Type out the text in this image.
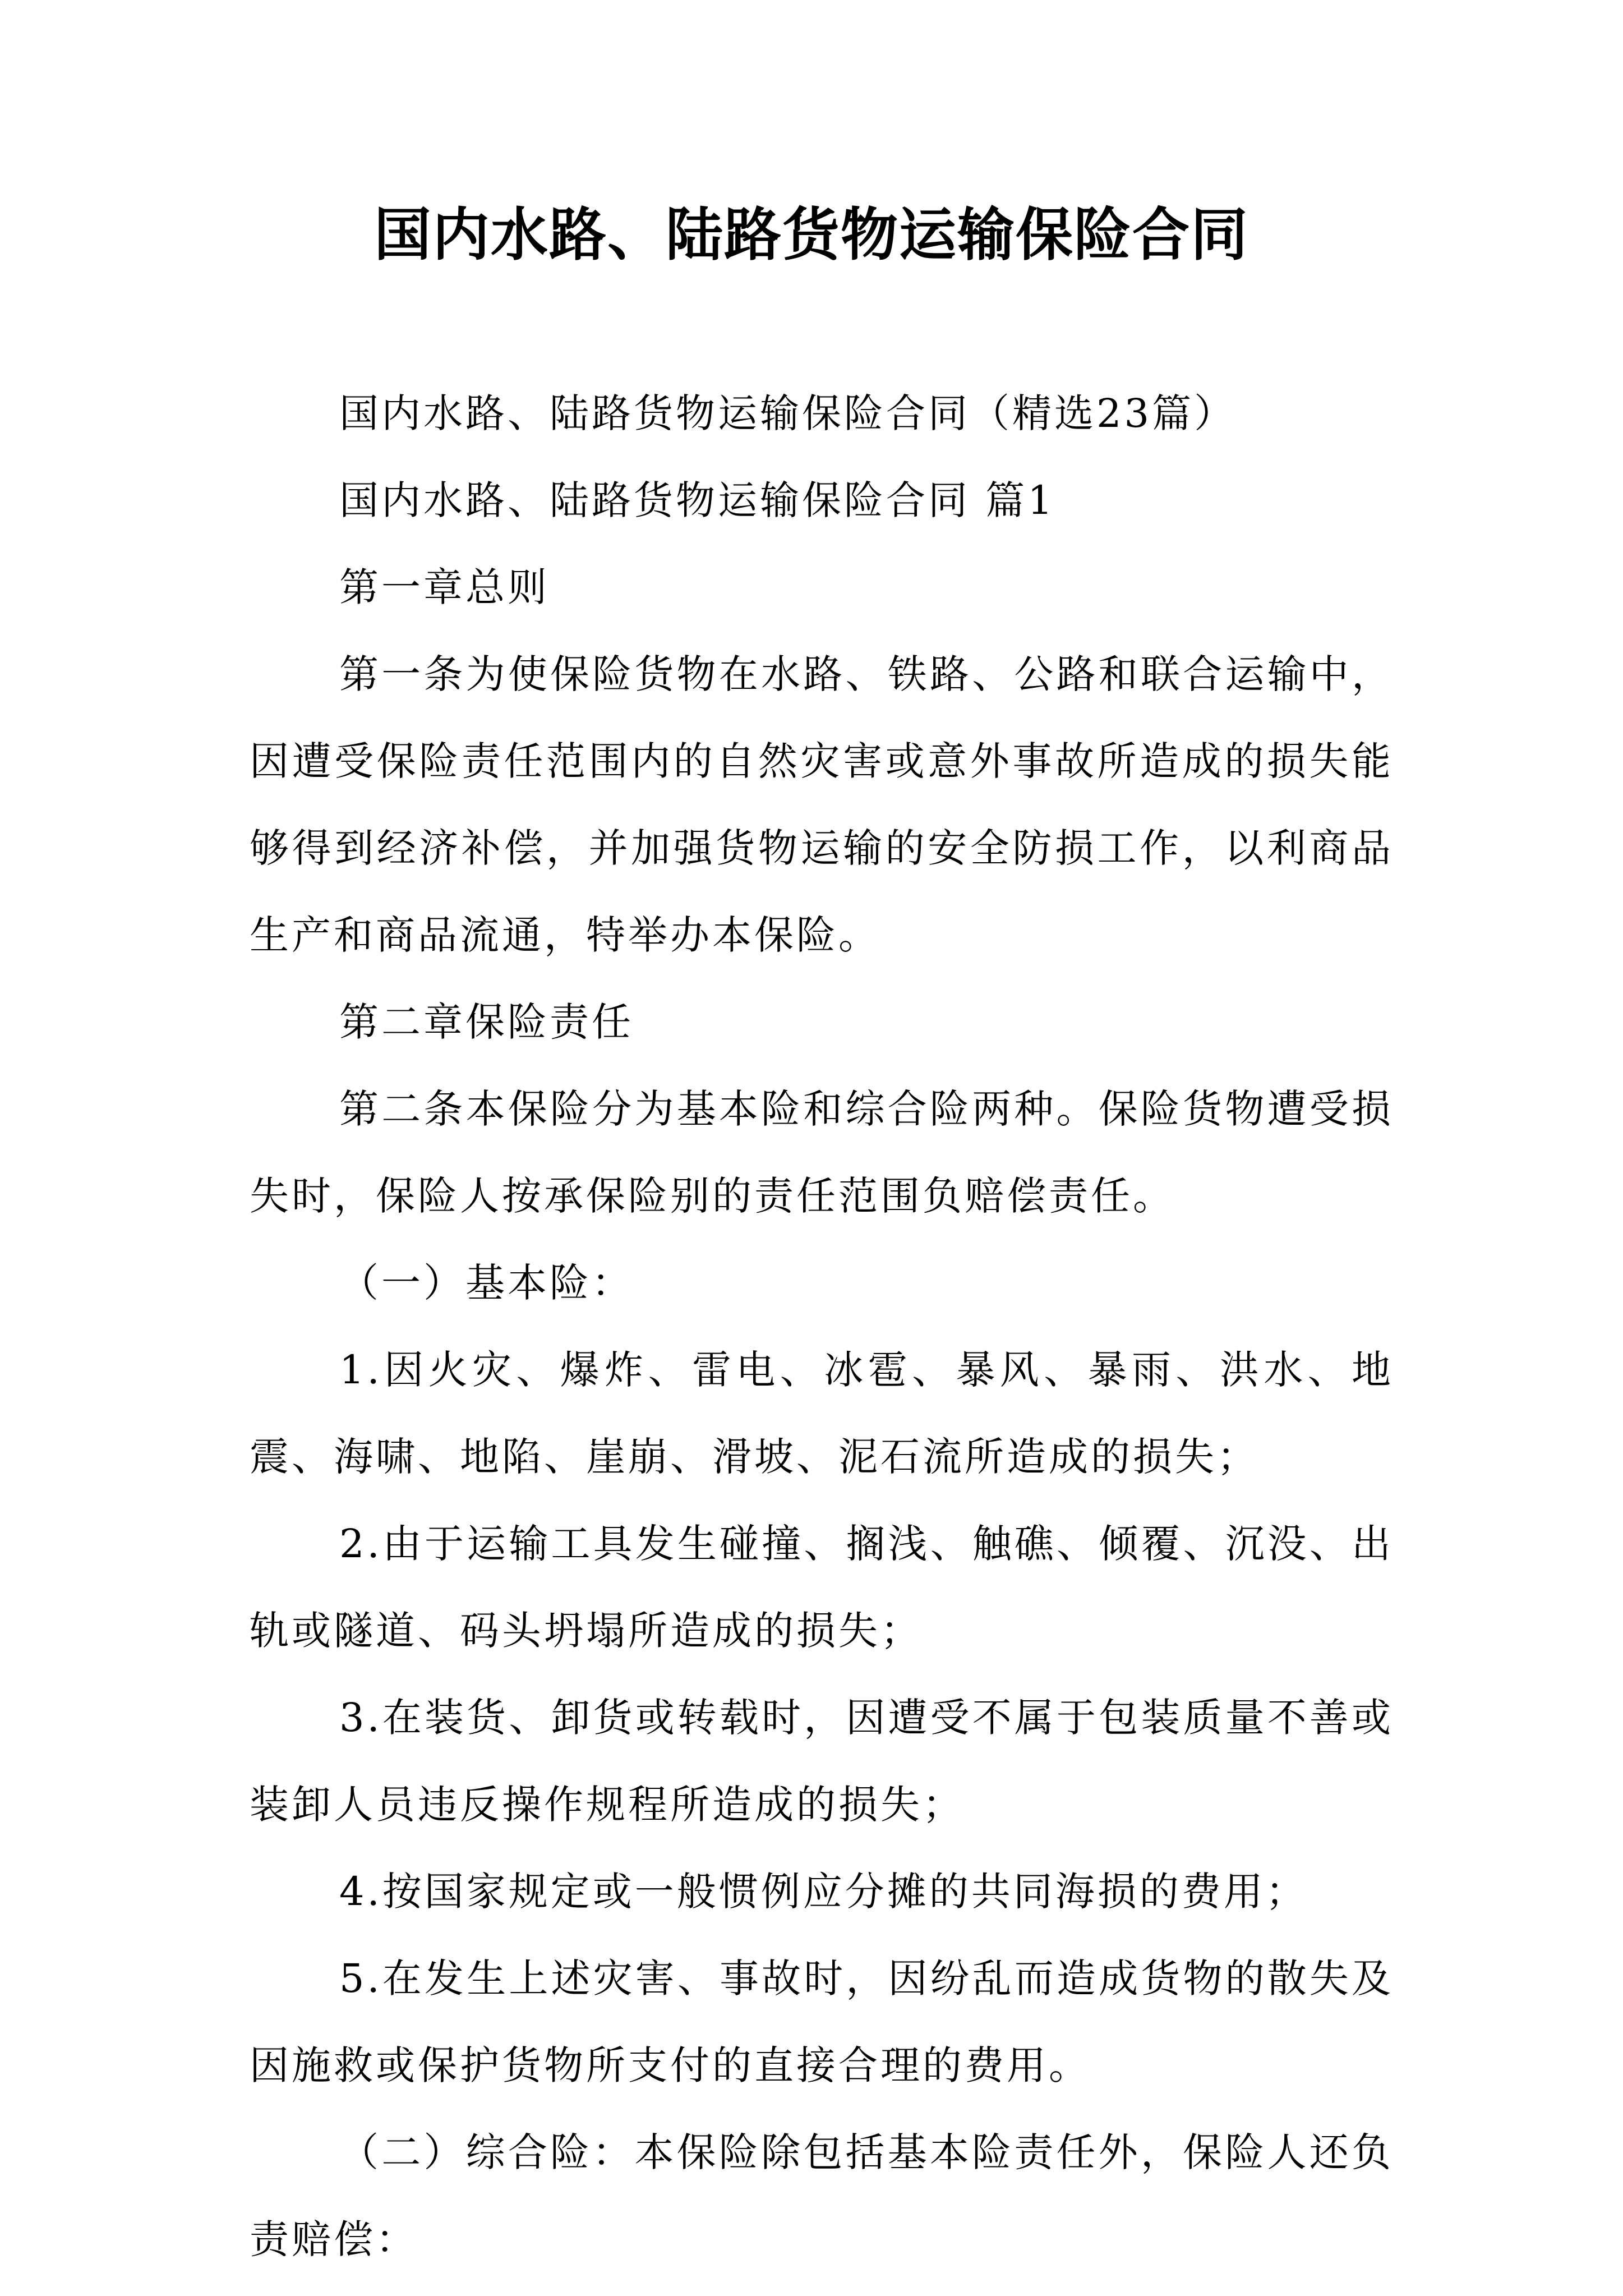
国内水路、陆路货物运输保险合同

国内水路、陆路货物运输保险合同（精选23篇）

国内水路、陆路货物运输保险合同 篇1

第一章总则

第一条为使保险货物在水路、铁路、公路和联合运输中，因遭受保险责任范围内的自然灾害或意外事故所造成的损失能够得到经济补偿，并加强货物运输的安全防损工作，以利商品生产和商品流通，特举办本保险。

第二章保险责任

第二条本保险分为基本险和综合险两种。保险货物遭受损失时，保险人按承保险别的责任范围负赔偿责任。

（一）基本险：

1.因火灾、爆炸、雷电、冰雹、暴风、暴雨、洪水、地震、海啸、地陷、崖崩、滑坡、泥石流所造成的损失；

2.由于运输工具发生碰撞、搁浅、触礁、倾覆、沉没、出轨或隧道、码头坍塌所造成的损失；

3.在装货、卸货或转载时，因遭受不属于包装质量不善或装卸人员违反操作规程所造成的损失；

4.按国家规定或一般惯例应分摊的共同海损的费用；

5.在发生上述灾害、事故时，因纷乱而造成货物的散失及因施救或保护货物所支付的直接合理的费用。

（二）综合险：本保险除包括基本险责任外，保险人还负责赔偿：
